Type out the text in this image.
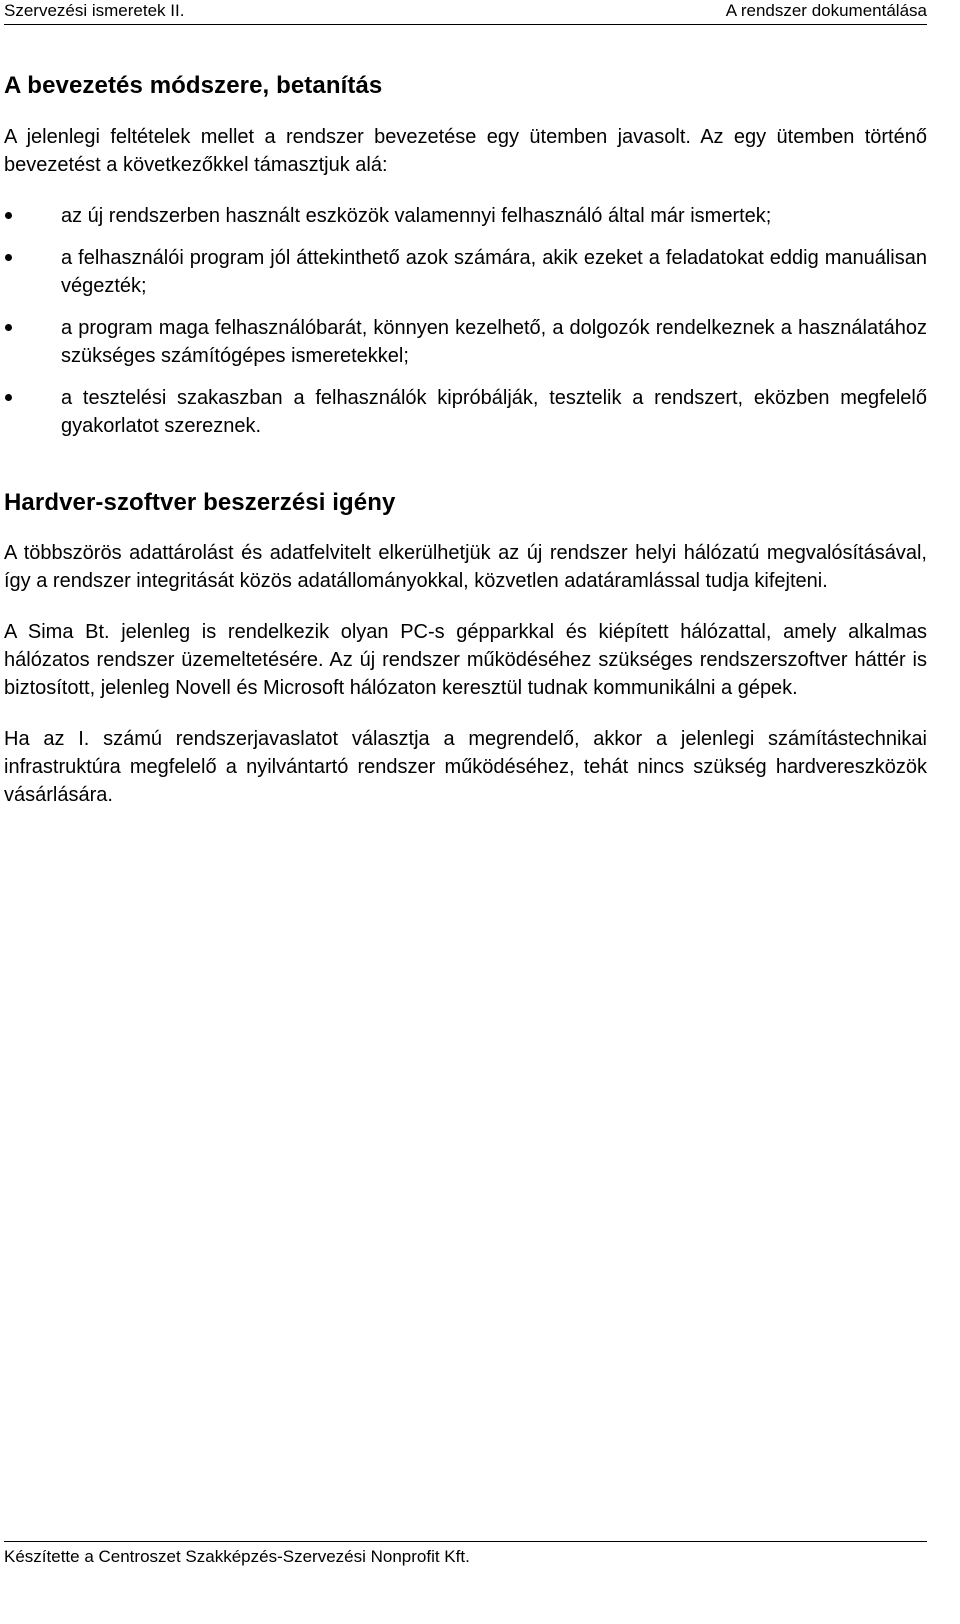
Szervezési ismeretek II.	A rendszer dokumentálása
A bevezetés módszere, betanítás

A jelenlegi feltételek mellet a rendszer bevezetése egy ütemben javasolt. Az egy ütemben történő bevezetést a következőkkel támasztjuk alá:

az új rendszerben használt eszközök valamennyi felhasználó által már ismertek;
a felhasználói program jól áttekinthető azok számára, akik ezeket a feladatokat eddig manuálisan végezték;
a program maga felhasználóbarát, könnyen kezelhető, a dolgozók rendelkeznek a használatához szükséges számítógépes ismeretekkel;
a tesztelési szakaszban a felhasználók kipróbálják, tesztelik a rendszert, eközben megfelelő gyakorlatot szereznek.
Hardver-szoftver beszerzési igény

A többszörös adattárolást és adatfelvitelt elkerülhetjük az új rendszer helyi hálózatú megvalósításával, így a rendszer integritását közös adatállományokkal, közvetlen adatáramlással tudja kifejteni.

A Sima Bt. jelenleg is rendelkezik olyan PC-s gépparkkal és kiépített hálózattal, amely alkalmas hálózatos rendszer üzemeltetésére. Az új rendszer működéséhez szükséges rendszerszoftver háttér is biztosított, jelenleg Novell és Microsoft hálózaton keresztül tudnak kommunikálni a gépek.

Ha az I. számú rendszerjavaslatot választja a megrendelő, akkor a jelenlegi számítástechnikai infrastruktúra megfelelő a nyilvántartó rendszer működéséhez, tehát nincs szükség hardvereszközök vásárlására.

Készítette a Centroszet Szakképzés-Szervezési Nonprofit Kft.
